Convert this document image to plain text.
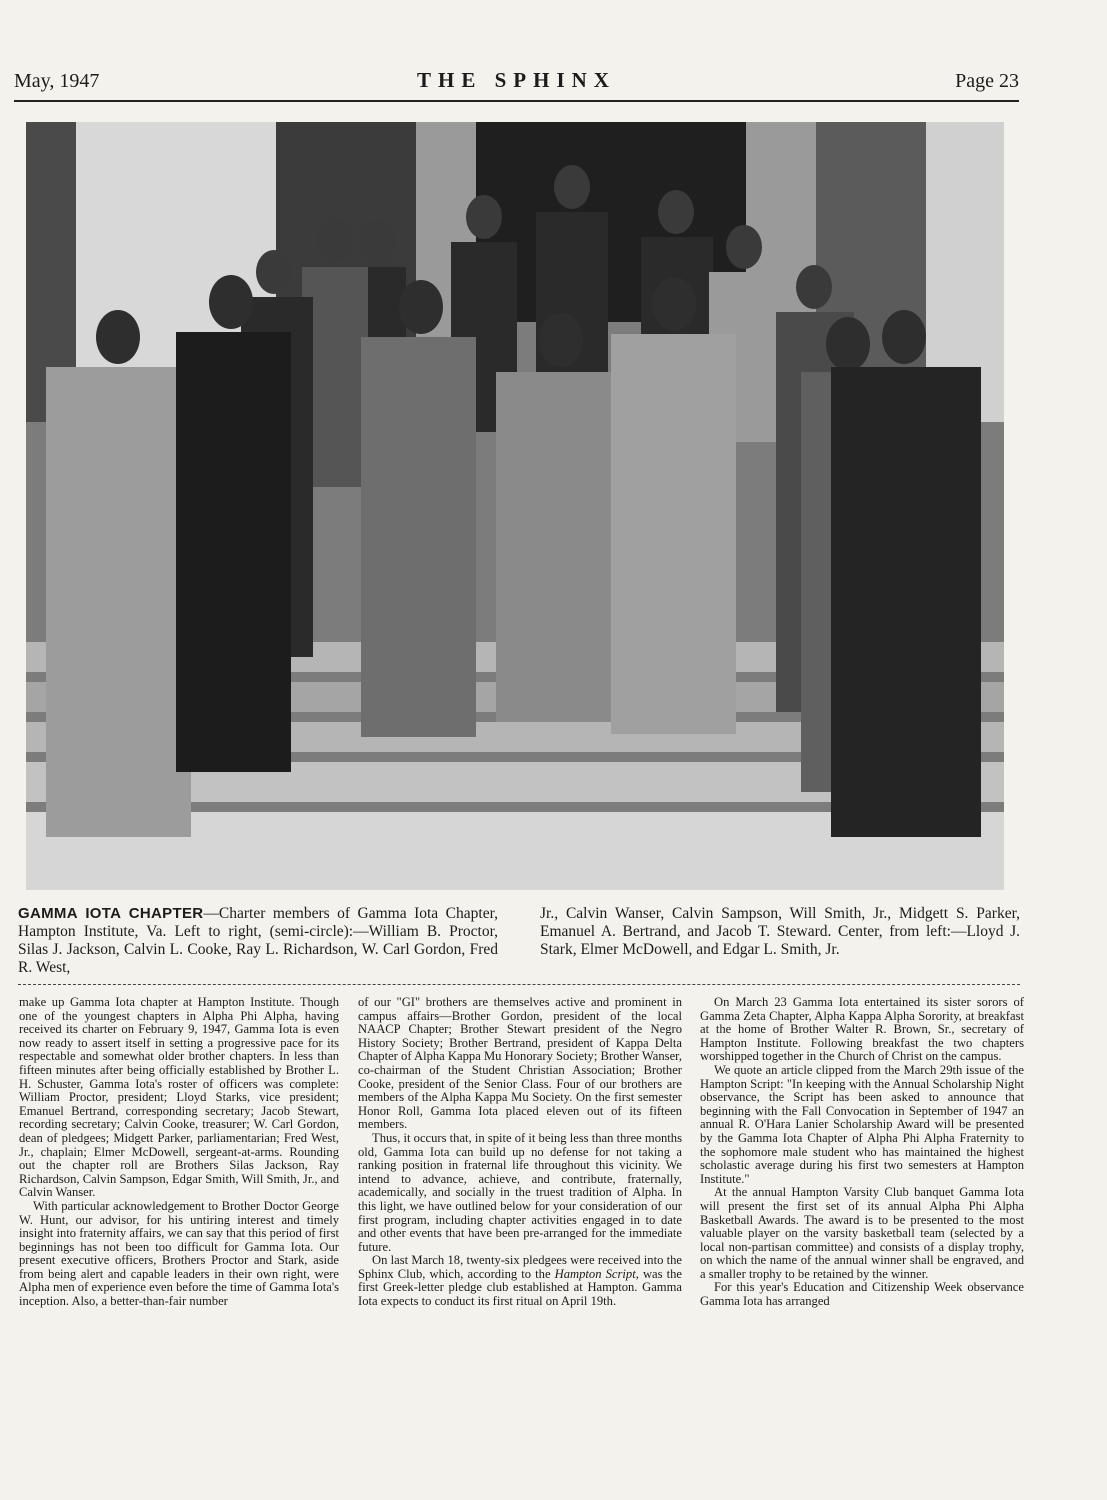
May, 1947	THE SPHINX	Page 23
GAMMA IOTA CHAPTER—Charter members of Gamma Iota Chapter, Hampton Institute, Va. Left to right, (semi-circle):—William B. Proctor, Silas J. Jackson, Calvin L. Cooke, Ray L. Richardson, W. Carl Gordon, Fred R. West,
Jr., Calvin Wanser, Calvin Sampson, Will Smith, Jr., Midgett S. Parker, Emanuel A. Bertrand, and Jacob T. Steward. Center, from left:—Lloyd J. Stark, Elmer McDowell, and Edgar L. Smith, Jr.

make up Gamma Iota chapter at Hampton Institute. Though one of the youngest chapters in Alpha Phi Alpha, having received its charter on February 9, 1947, Gamma Iota is even now ready to assert itself in setting a progressive pace for its respectable and somewhat older brother chapters. In less than fifteen minutes after being officially established by Brother L. H. Schuster, Gamma Iota's roster of officers was complete: William Proctor, president; Lloyd Starks, vice president; Emanuel Bertrand, corresponding secretary; Jacob Stewart, recording secretary; Calvin Cooke, treasurer; W. Carl Gordon, dean of pledgees; Midgett Parker, parliamentarian; Fred West, Jr., chaplain; Elmer McDowell, sergeant-at-arms. Rounding out the chapter roll are Brothers Silas Jackson, Ray Richardson, Calvin Sampson, Edgar Smith, Will Smith, Jr., and Calvin Wanser.

With particular acknowledgement to Brother Doctor George W. Hunt, our advisor, for his untiring interest and timely insight into fraternity affairs, we can say that this period of first beginnings has not been too difficult for Gamma Iota. Our present executive officers, Brothers Proctor and Stark, aside from being alert and capable leaders in their own right, were Alpha men of experience even before the time of Gamma Iota's inception. Also, a better-than-fair number

of our "GI" brothers are themselves active and prominent in campus affairs—Brother Gordon, president of the local NAACP Chapter; Brother Stewart president of the Negro History Society; Brother Bertrand, president of Kappa Delta Chapter of Alpha Kappa Mu Honorary Society; Brother Wanser, co-chairman of the Student Christian Association; Brother Cooke, president of the Senior Class. Four of our brothers are members of the Alpha Kappa Mu Society. On the first semester Honor Roll, Gamma Iota placed eleven out of its fifteen members.

Thus, it occurs that, in spite of it being less than three months old, Gamma Iota can build up no defense for not taking a ranking position in fraternal life throughout this vicinity. We intend to advance, achieve, and contribute, fraternally, academically, and socially in the truest tradition of Alpha. In this light, we have outlined below for your consideration of our first program, including chapter activities engaged in to date and other events that have been pre-arranged for the immediate future.

On last March 18, twenty-six pledgees were received into the Sphinx Club, which, according to the Hampton Script, was the first Greek-letter pledge club established at Hampton. Gamma Iota expects to conduct its first ritual on April 19th.

On March 23 Gamma Iota entertained its sister sorors of Gamma Zeta Chapter, Alpha Kappa Alpha Sorority, at breakfast at the home of Brother Walter R. Brown, Sr., secretary of Hampton Institute. Following breakfast the two chapters worshipped together in the Church of Christ on the campus.

We quote an article clipped from the March 29th issue of the Hampton Script: "In keeping with the Annual Scholarship Night observance, the Script has been asked to announce that beginning with the Fall Convocation in September of 1947 an annual R. O'Hara Lanier Scholarship Award will be presented by the Gamma Iota Chapter of Alpha Phi Alpha Fraternity to the sophomore male student who has maintained the highest scholastic average during his first two semesters at Hampton Institute."

At the annual Hampton Varsity Club banquet Gamma Iota will present the first set of its annual Alpha Phi Alpha Basketball Awards. The award is to be presented to the most valuable player on the varsity basketball team (selected by a local non-partisan committee) and consists of a display trophy, on which the name of the annual winner shall be engraved, and a smaller trophy to be retained by the winner.

For this year's Education and Citizenship Week observance Gamma Iota has arranged
